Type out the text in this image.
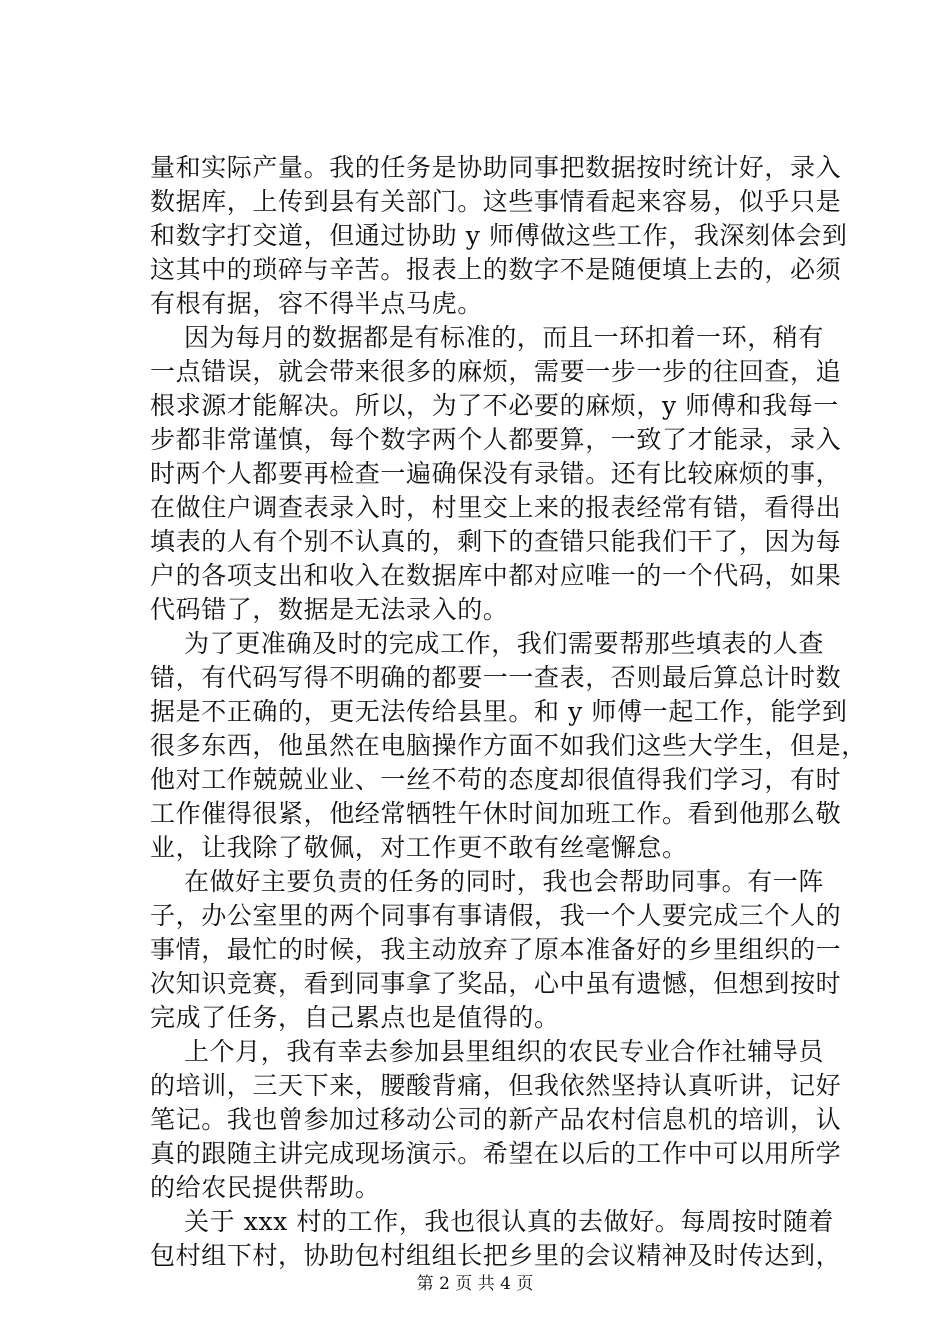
量和实际产量。我的任务是协助同事把数据按时统计好，录入
数据库，上传到县有关部门。这些事情看起来容易，似乎只是
和数字打交道，但通过协助 y 师傅做这些工作，我深刻体会到
这其中的琐碎与辛苦。报表上的数字不是随便填上去的，必须
有根有据，容不得半点马虎。
因为每月的数据都是有标准的，而且一环扣着一环，稍有
一点错误，就会带来很多的麻烦，需要一步一步的往回查，追
根求源才能解决。所以，为了不必要的麻烦，y 师傅和我每一
步都非常谨慎，每个数字两个人都要算，一致了才能录，录入
时两个人都要再检查一遍确保没有录错。还有比较麻烦的事，
在做住户调查表录入时，村里交上来的报表经常有错，看得出
填表的人有个别不认真的，剩下的查错只能我们干了，因为每
户的各项支出和收入在数据库中都对应唯一的一个代码，如果
代码错了，数据是无法录入的。
为了更准确及时的完成工作，我们需要帮那些填表的人查
错，有代码写得不明确的都要一一查表，否则最后算总计时数
据是不正确的，更无法传给县里。和 y 师傅一起工作，能学到
很多东西，他虽然在电脑操作方面不如我们这些大学生，但是，
他对工作兢兢业业、一丝不苟的态度却很值得我们学习，有时
工作催得很紧，他经常牺牲午休时间加班工作。看到他那么敬
业，让我除了敬佩，对工作更不敢有丝毫懈怠。
在做好主要负责的任务的同时，我也会帮助同事。有一阵
子，办公室里的两个同事有事请假，我一个人要完成三个人的
事情，最忙的时候，我主动放弃了原本准备好的乡里组织的一
次知识竞赛，看到同事拿了奖品，心中虽有遗憾，但想到按时
完成了任务，自己累点也是值得的。
上个月，我有幸去参加县里组织的农民专业合作社辅导员
的培训，三天下来，腰酸背痛，但我依然坚持认真听讲，记好
笔记。我也曾参加过移动公司的新产品农村信息机的培训，认
真的跟随主讲完成现场演示。希望在以后的工作中可以用所学
的给农民提供帮助。
关于 xxx 村的工作，我也很认真的去做好。每周按时随着
包村组下村，协助包村组组长把乡里的会议精神及时传达到，
第 2 页 共 4 页
